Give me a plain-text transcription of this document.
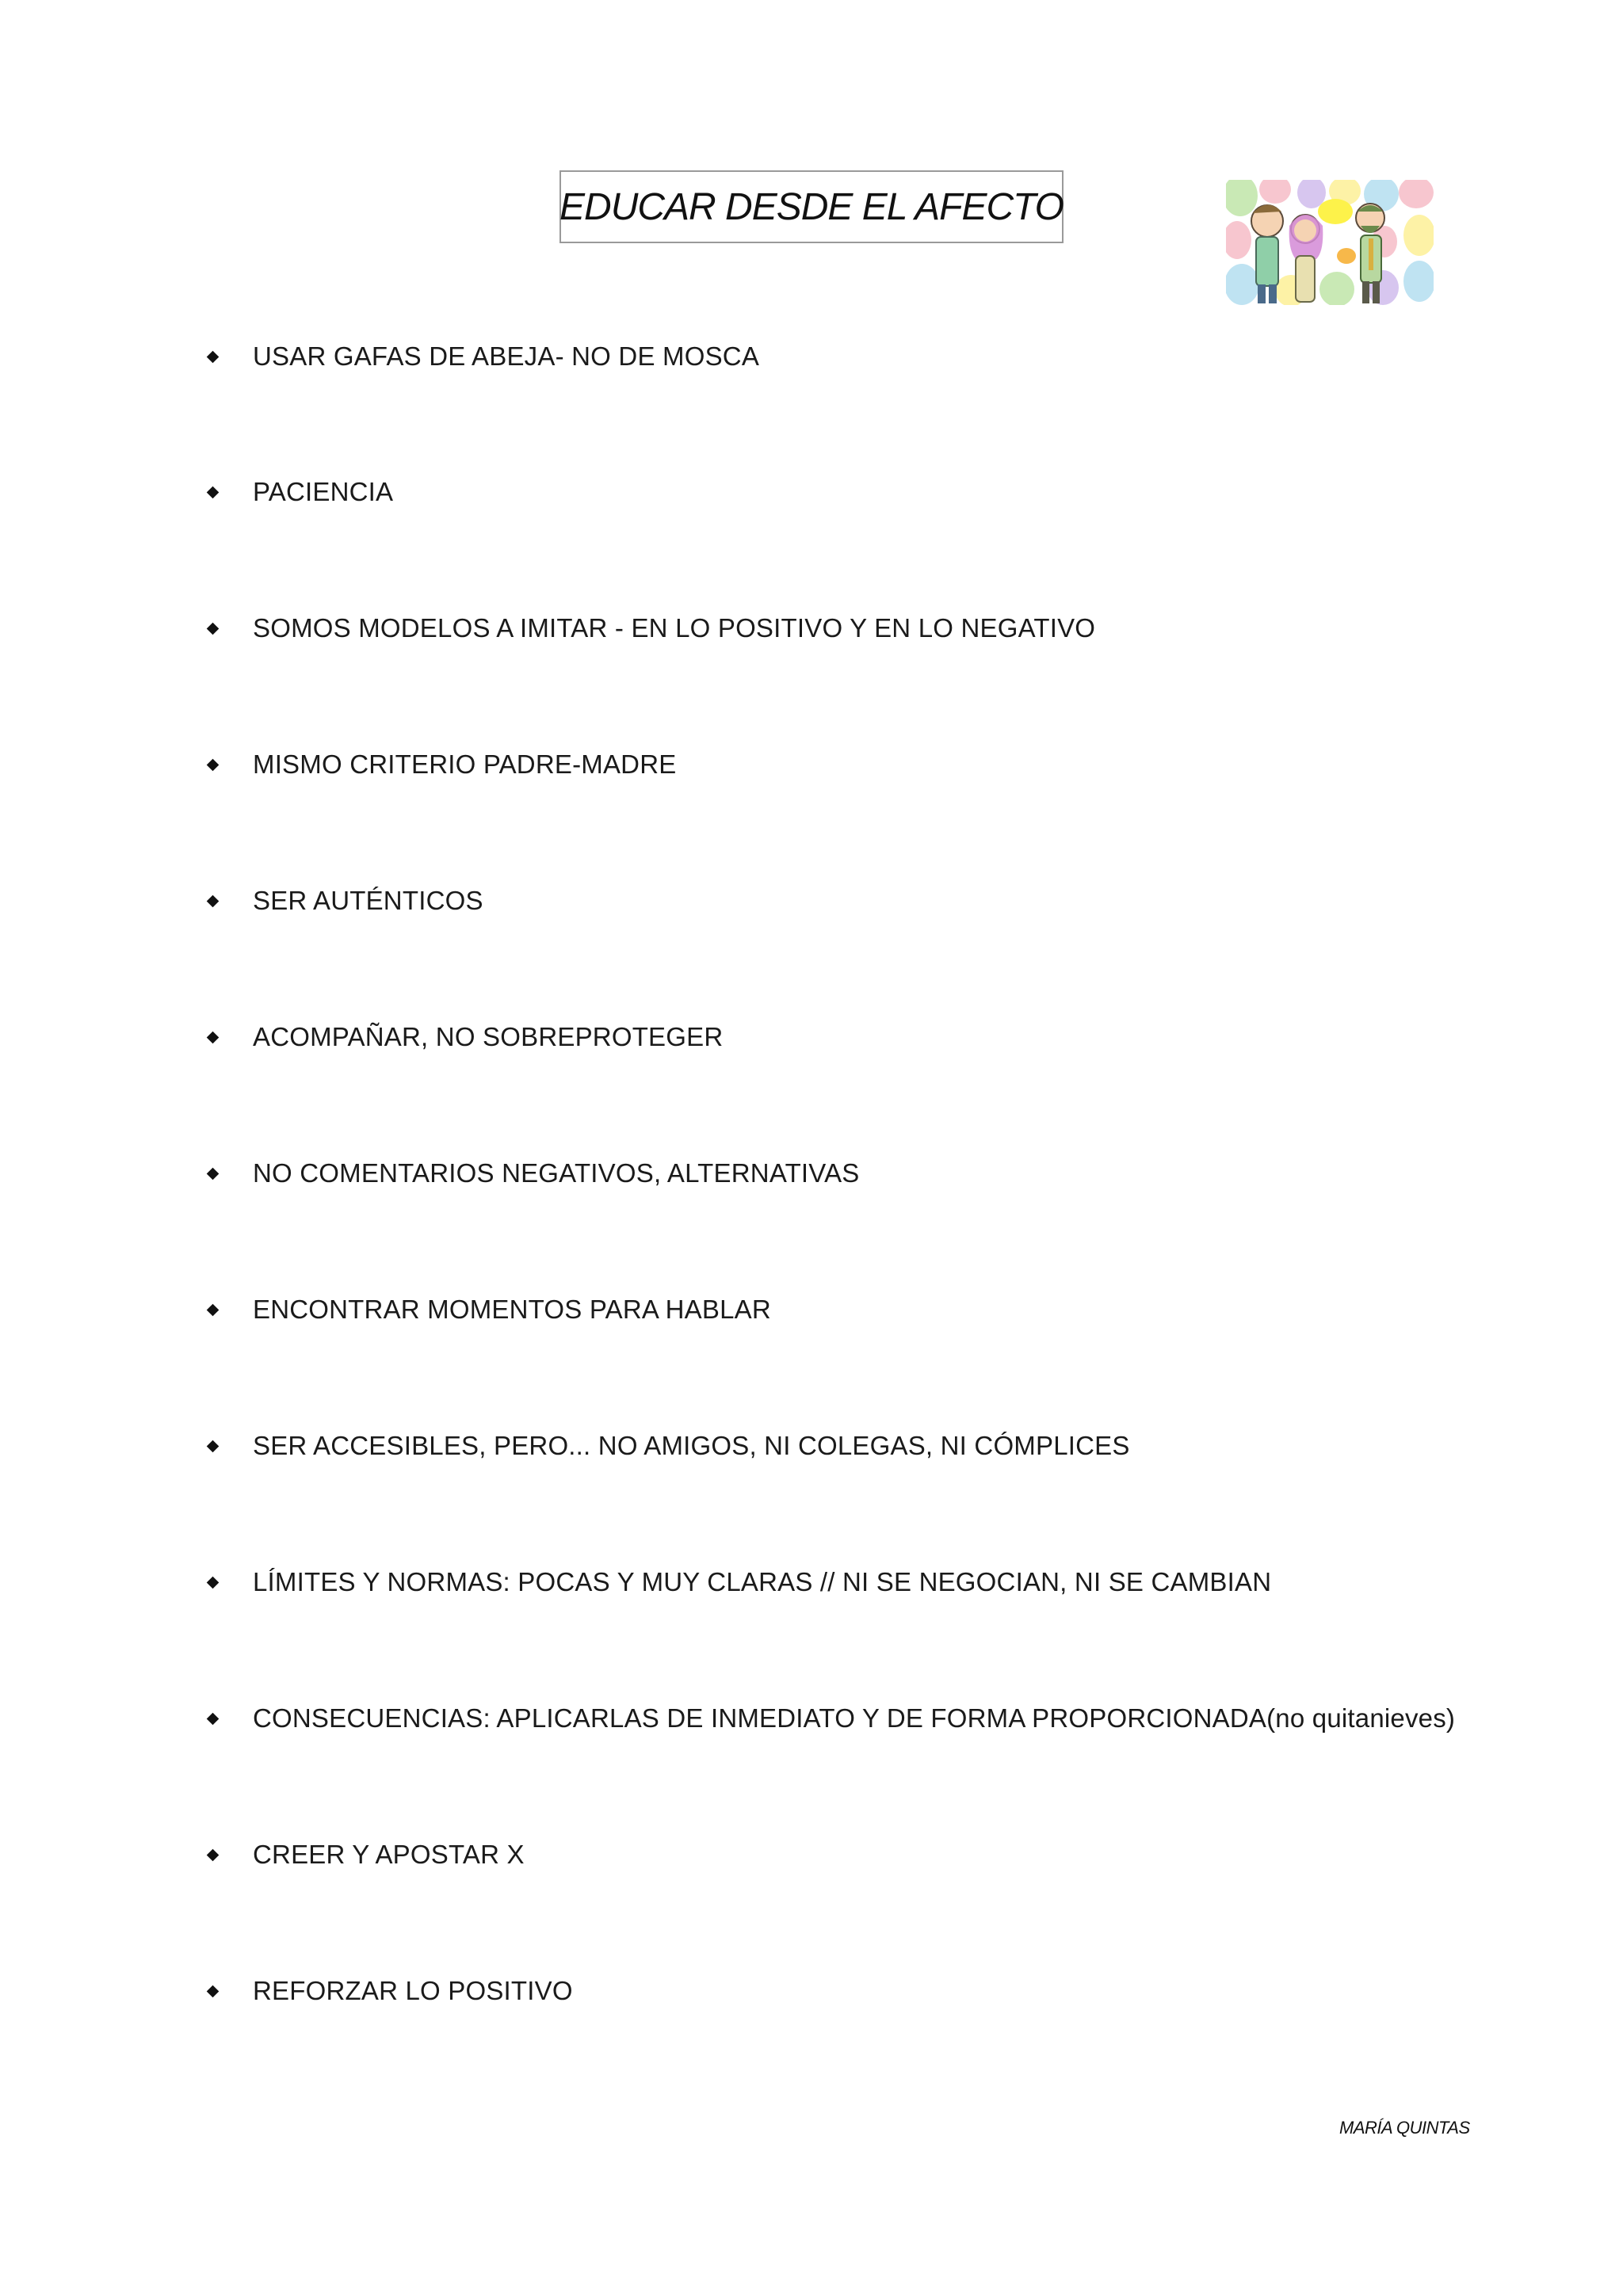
EDUCAR DESDE EL AFECTO
USAR GAFAS DE ABEJA- NO DE MOSCA
PACIENCIA
SOMOS MODELOS A IMITAR - EN LO POSITIVO Y EN LO NEGATIVO
MISMO CRITERIO PADRE-MADRE
SER AUTÉNTICOS
ACOMPAÑAR, NO SOBREPROTEGER
NO COMENTARIOS NEGATIVOS, ALTERNATIVAS
ENCONTRAR MOMENTOS PARA HABLAR
SER ACCESIBLES, PERO... NO AMIGOS, NI COLEGAS, NI CÓMPLICES
LÍMITES Y NORMAS: POCAS Y MUY CLARAS // NI SE NEGOCIAN, NI SE CAMBIAN
CONSECUENCIAS: APLICARLAS DE INMEDIATO Y DE FORMA PROPORCIONADA(no quitanieves)
CREER Y APOSTAR X
REFORZAR LO POSITIVO
MARÍA QUINTAS
